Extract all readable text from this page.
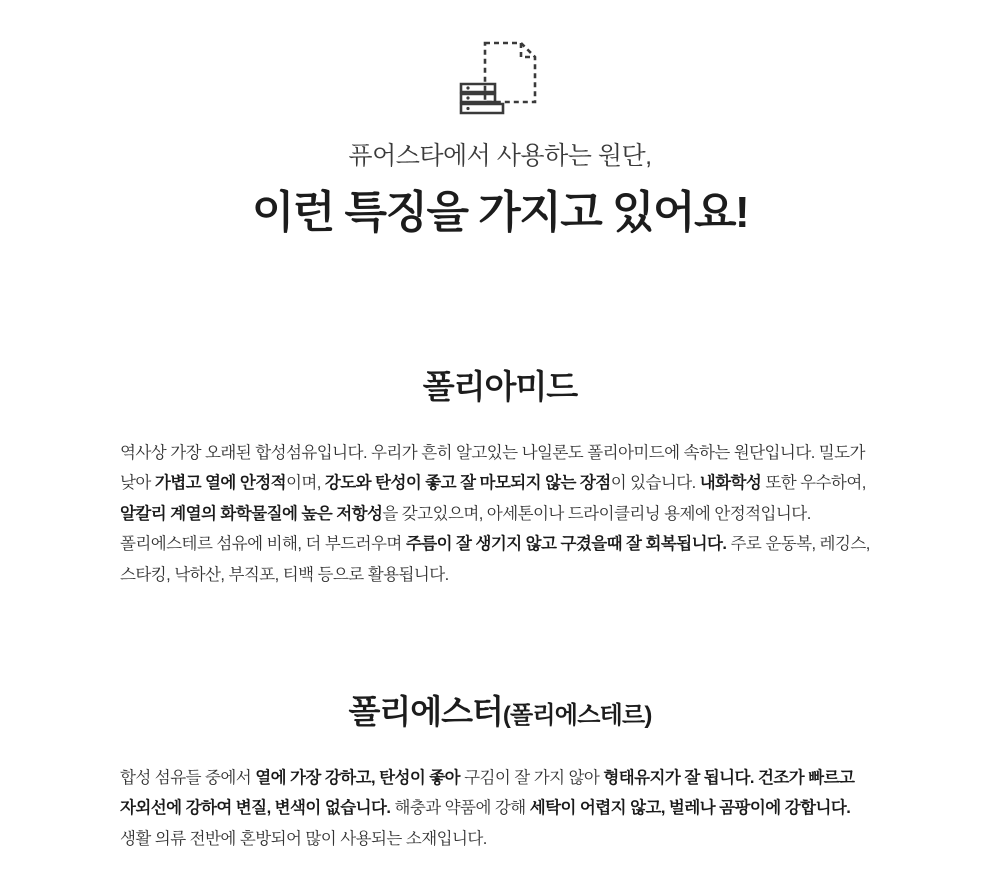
퓨어스타에서 사용하는 원단,
이런 특징을 가지고 있어요!
폴리아미드

역사상 가장 오래된 합성섬유입니다. 우리가 흔히 알고있는 나일론도 폴리아미드에 속하는 원단입니다. 밀도가 낮아 가볍고 열에 안정적이며, 강도와 탄성이 좋고 잘 마모되지 않는 장점이 있습니다. 내화학성 또한 우수하여, 알칼리 계열의 화학물질에 높은 저항성을 갖고있으며, 아세톤이나 드라이클리닝 용제에 안정적입니다. 폴리에스테르 섬유에 비해, 더 부드러우며 주름이 잘 생기지 않고 구겼을때 잘 회복됩니다. 주로 운동복, 레깅스, 스타킹, 낙하산, 부직포, 티백 등으로 활용됩니다.

폴리에스터(폴리에스테르)

합성 섬유들 중에서 열에 가장 강하고, 탄성이 좋아 구김이 잘 가지 않아 형태유지가 잘 됩니다. 건조가 빠르고 자외선에 강하여 변질, 변색이 없습니다. 해충과 약품에 강해 세탁이 어렵지 않고, 벌레나 곰팡이에 강합니다. 생활 의류 전반에 혼방되어 많이 사용되는 소재입니다.
